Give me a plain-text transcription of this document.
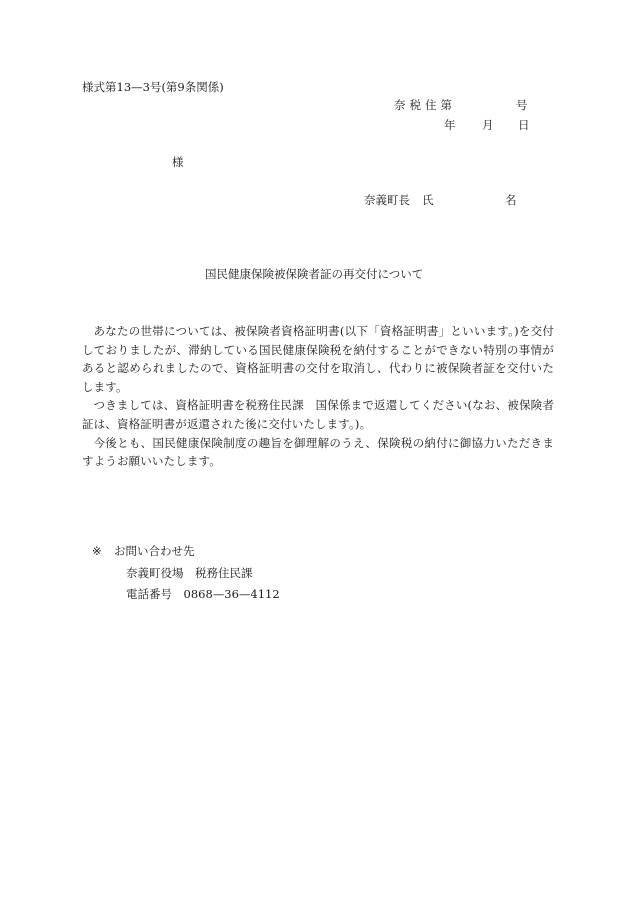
様式第13—3号(第9条関係)
奈税住第	号
年 月 日
様
奈義町長 氏	名
国民健康保険被保険者証の再交付について

あなたの世帯については、被保険者資格証明書(以下「資格証明書」といいます。)を交付しておりましたが、滞納している国民健康保険税を納付することができない特別の事情があると認められましたので、資格証明書の交付を取消し、代わりに被保険者証を交付いたします。

つきましては、資格証明書を税務住民課　国保係まで返還してください(なお、被保険者証は、資格証明書が返還された後に交付いたします。)。

今後とも、国民健康保険制度の趣旨を御理解のうえ、保険税の納付に御協力いただきますようお願いいたします。

※ お問い合わせ先
奈義町役場　税務住民課
電話番号　0868—36—4112
